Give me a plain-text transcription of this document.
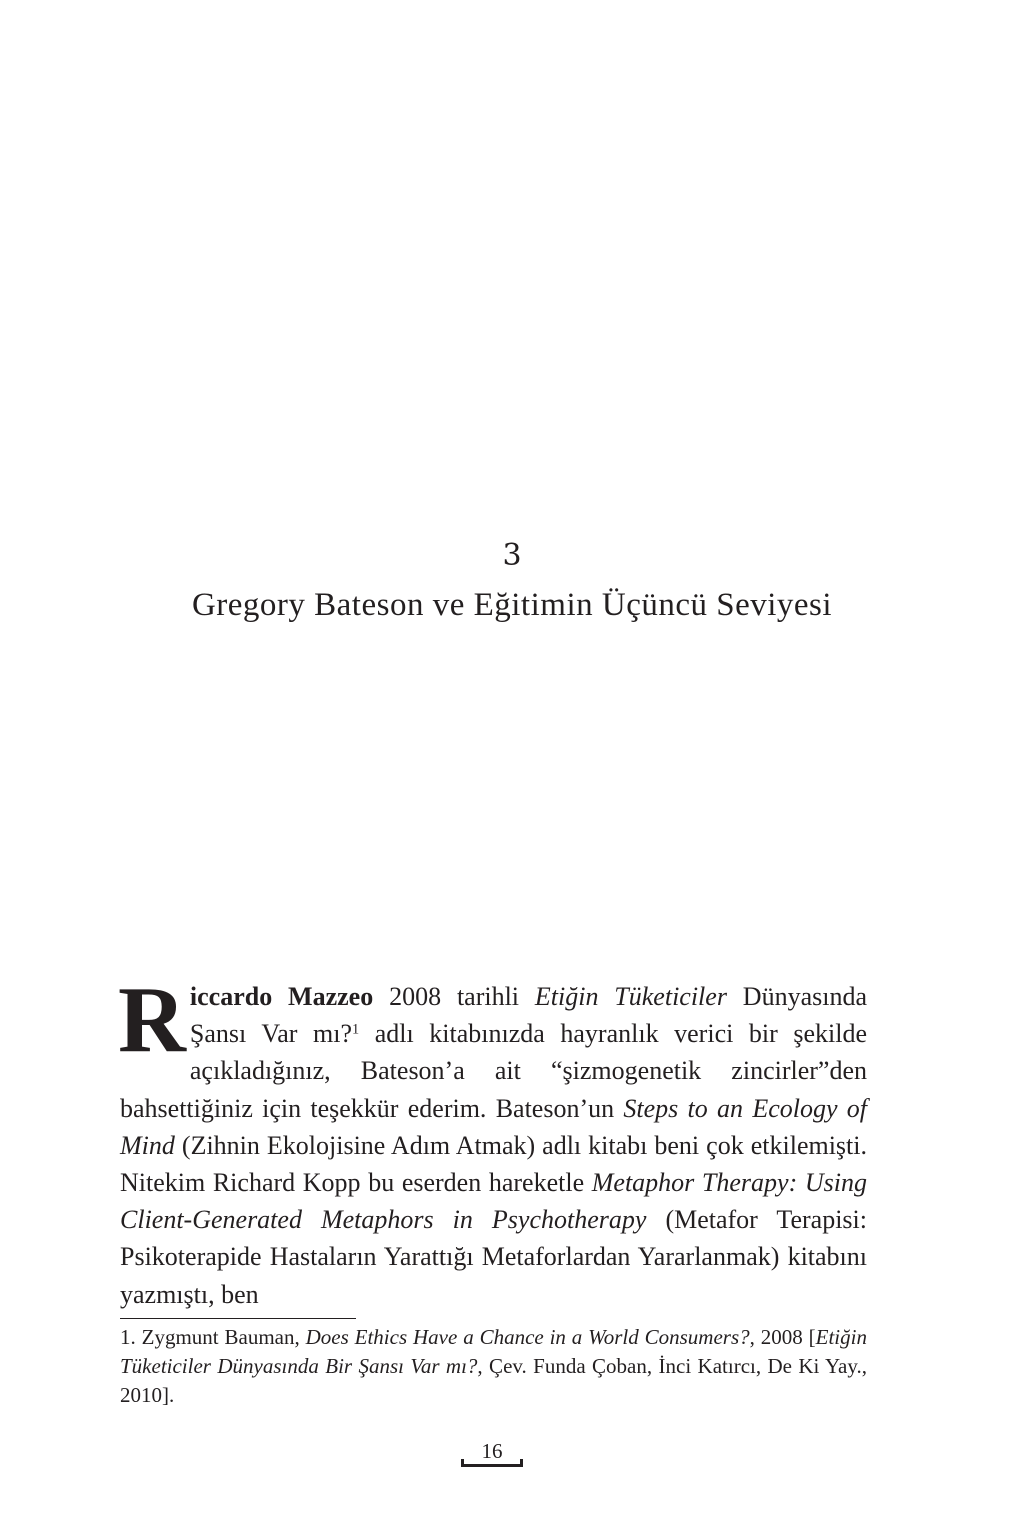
3
Gregory Bateson ve Eğitimin Üçüncü Seviyesi
Riccardo Mazzeo 2008 tarihli Etiğin Tüketiciler Dünyasında Şansı Var mı?$^1$ adlı kitabınızda hayranlık verici bir şekilde açıkladığınız, Bateson’a ait “şizmogenetik zincirler”den bahsettiğiniz için teşekkür ederim. Bateson’un Steps to an Ecology of Mind (Zihnin Ekolojisine Adım Atmak) adlı kitabı beni çok etkilemişti. Nitekim Richard Kopp bu eserden hareketle Metaphor Therapy: Using Client-Generated Metaphors in Psychotherapy (Metafor Terapisi: Psikoterapide Hastaların Yarattığı Metaforlardan Yararlanmak) kitabını yazmıştı, ben
1. Zygmunt Bauman, Does Ethics Have a Chance in a World Consumers?, 2008 [Etiğin Tüketiciler Dünyasında Bir Şansı Var mı?, Çev. Funda Çoban, İnci Katırcı, De Ki Yay., 2010].
16
